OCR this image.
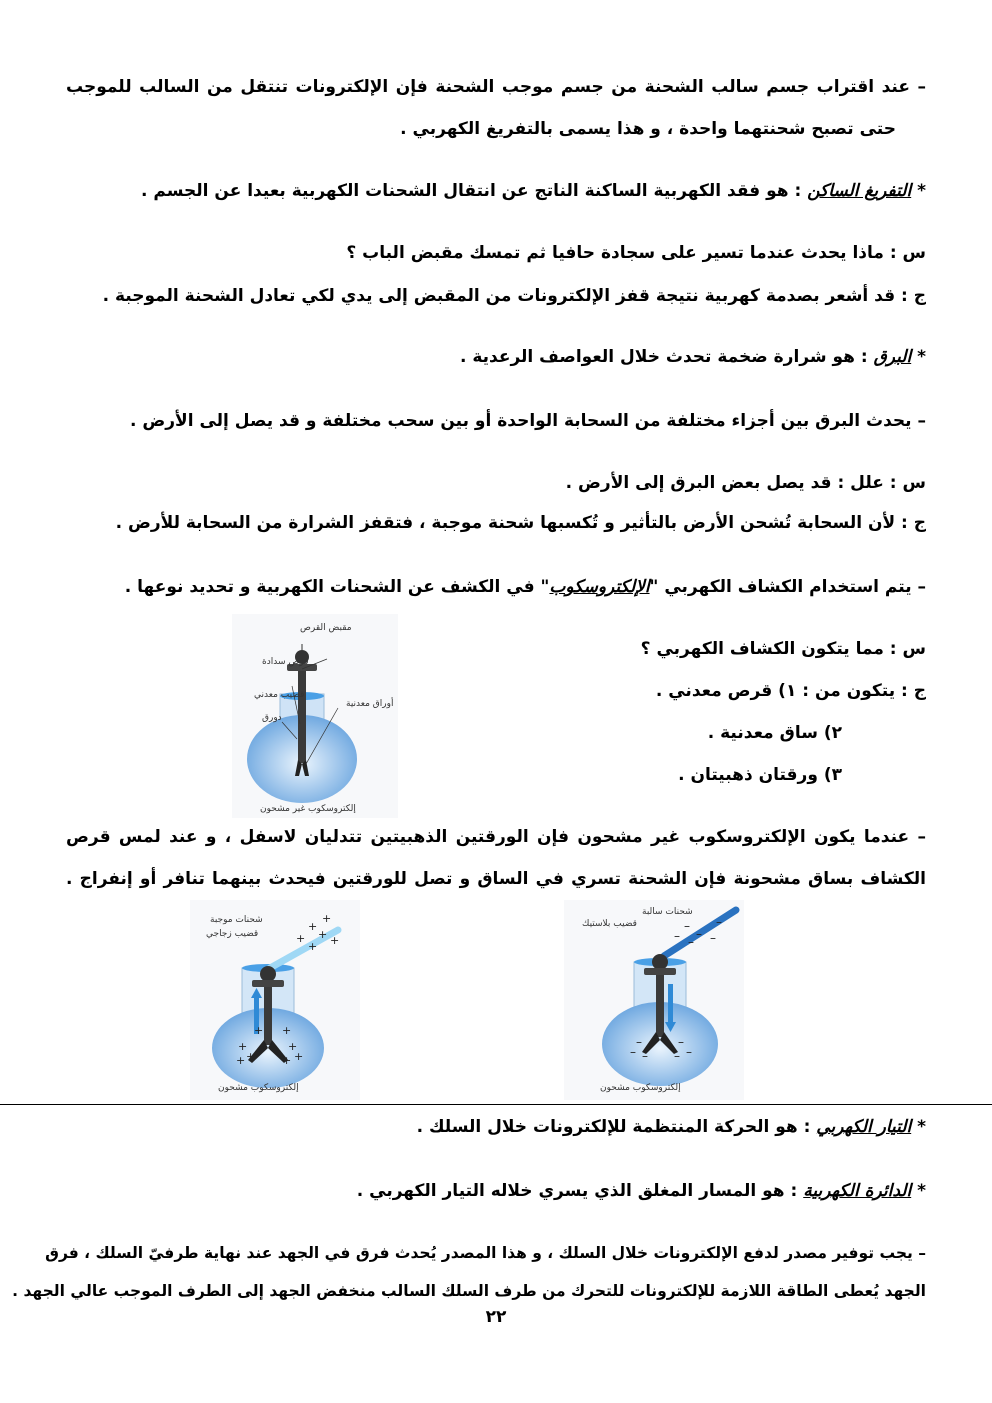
– عند اقتراب جسم سالب الشحنة من جسم موجب الشحنة فإن الإلكترونات تنتقل من السالب للموجب
حتى تصبح شحنتهما واحدة ، و هذا يسمى بالتفريغ الكهربي .
* التفريغ الساكن : هو فقد الكهربية الساكنة الناتج عن انتقال الشحنات الكهربية بعيدا عن الجسم .
س : ماذا يحدث عندما تسير على سجادة حافيا ثم تمسك مقبض الباب ؟
ج : قد أشعر بصدمة كهربية نتيجة قفز الإلكترونات من المقبض إلى يدي لكي تعادل الشحنة الموجبة .
* البرق : هو شرارة ضخمة تحدث خلال العواصف الرعدية .
– يحدث البرق بين أجزاء مختلفة من السحابة الواحدة أو بين سحب مختلفة و قد يصل إلى الأرض .
س : علل : قد يصل بعض البرق إلى الأرض .
ج : لأن السحابة تُشحن الأرض بالتأثير و تُكسبها شحنة موجبة ، فتقفز الشرارة من السحابة للأرض .
– يتم استخدام الكشاف الكهربي "الإلكتروسكوب" في الكشف عن الشحنات الكهربية و تحديد نوعها .
س : مما يتكون الكشاف الكهربي ؟
ج : يتكون من : ١) قرص معدني .
٢) ساق معدنية .
٣) ورقتان ذهبيتان .
مقبض القرص
قرص سدادة
قضيب معدني
أوراق معدنية
دورق
إلكتروسكوب غير مشحون
– عندما يكون الإلكتروسكوب غير مشحون فإن الورقتين الذهبيتين تتدليان لاسفل ، و عند لمس قرص
الكشاف بساق مشحونة فإن الشحنة تسري في الساق و تصل للورقتين فيحدث بينهما تنافر أو إنفراج .
+
+ +
+
+
+
+
+
+
+
+
+
+ +
شحنات موجبة
قضيب زجاجي
إلكتروسكوب مشحون
–
– –
–
–
–
–
– –
–
–
–
شحنات سالبة
قضيب بلاستيك
إلكتروسكوب مشحون
* التيار الكهربي : هو الحركة المنتظمة للإلكترونات خلال السلك .
* الدائرة الكهربية : هو المسار المغلق الذي يسري خلاله التيار الكهربي .
– يجب توفير مصدر لدفع الإلكترونات خلال السلك ، و هذا المصدر يُحدث فرق في الجهد عند نهاية طرفيّ السلك ، فرق
الجهد يُعطى الطاقة اللازمة للإلكترونات للتحرك من طرف السلك السالب منخفض الجهد إلى الطرف الموجب عالي الجهد .
٢٢
